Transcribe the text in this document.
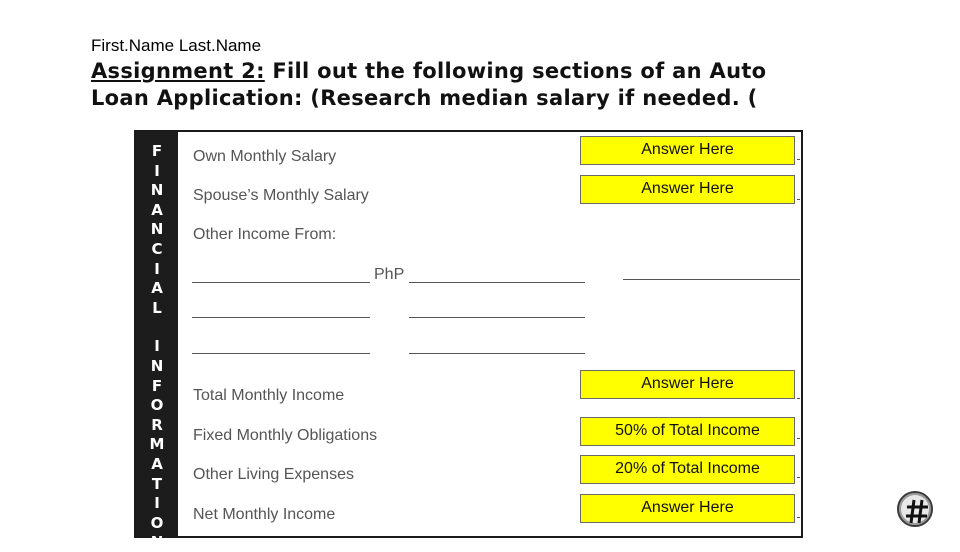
First.Name Last.Name
Assignment 2: Fill out the following sections of an Auto Loan Application: (Research median salary if needed. (
F
I
N
A
N
C
I
A
L
I
N
F
O
R
M
A
T
I
O
N
Own Monthly Salary
Spouse’s Monthly Salary
Other Income From:
PhP
Total Monthly Income
Fixed Monthly Obligations
Other Living Expenses
Net Monthly Income
Answer Here
Answer Here
Answer Here
50% of Total Income
20% of Total Income
Answer Here
